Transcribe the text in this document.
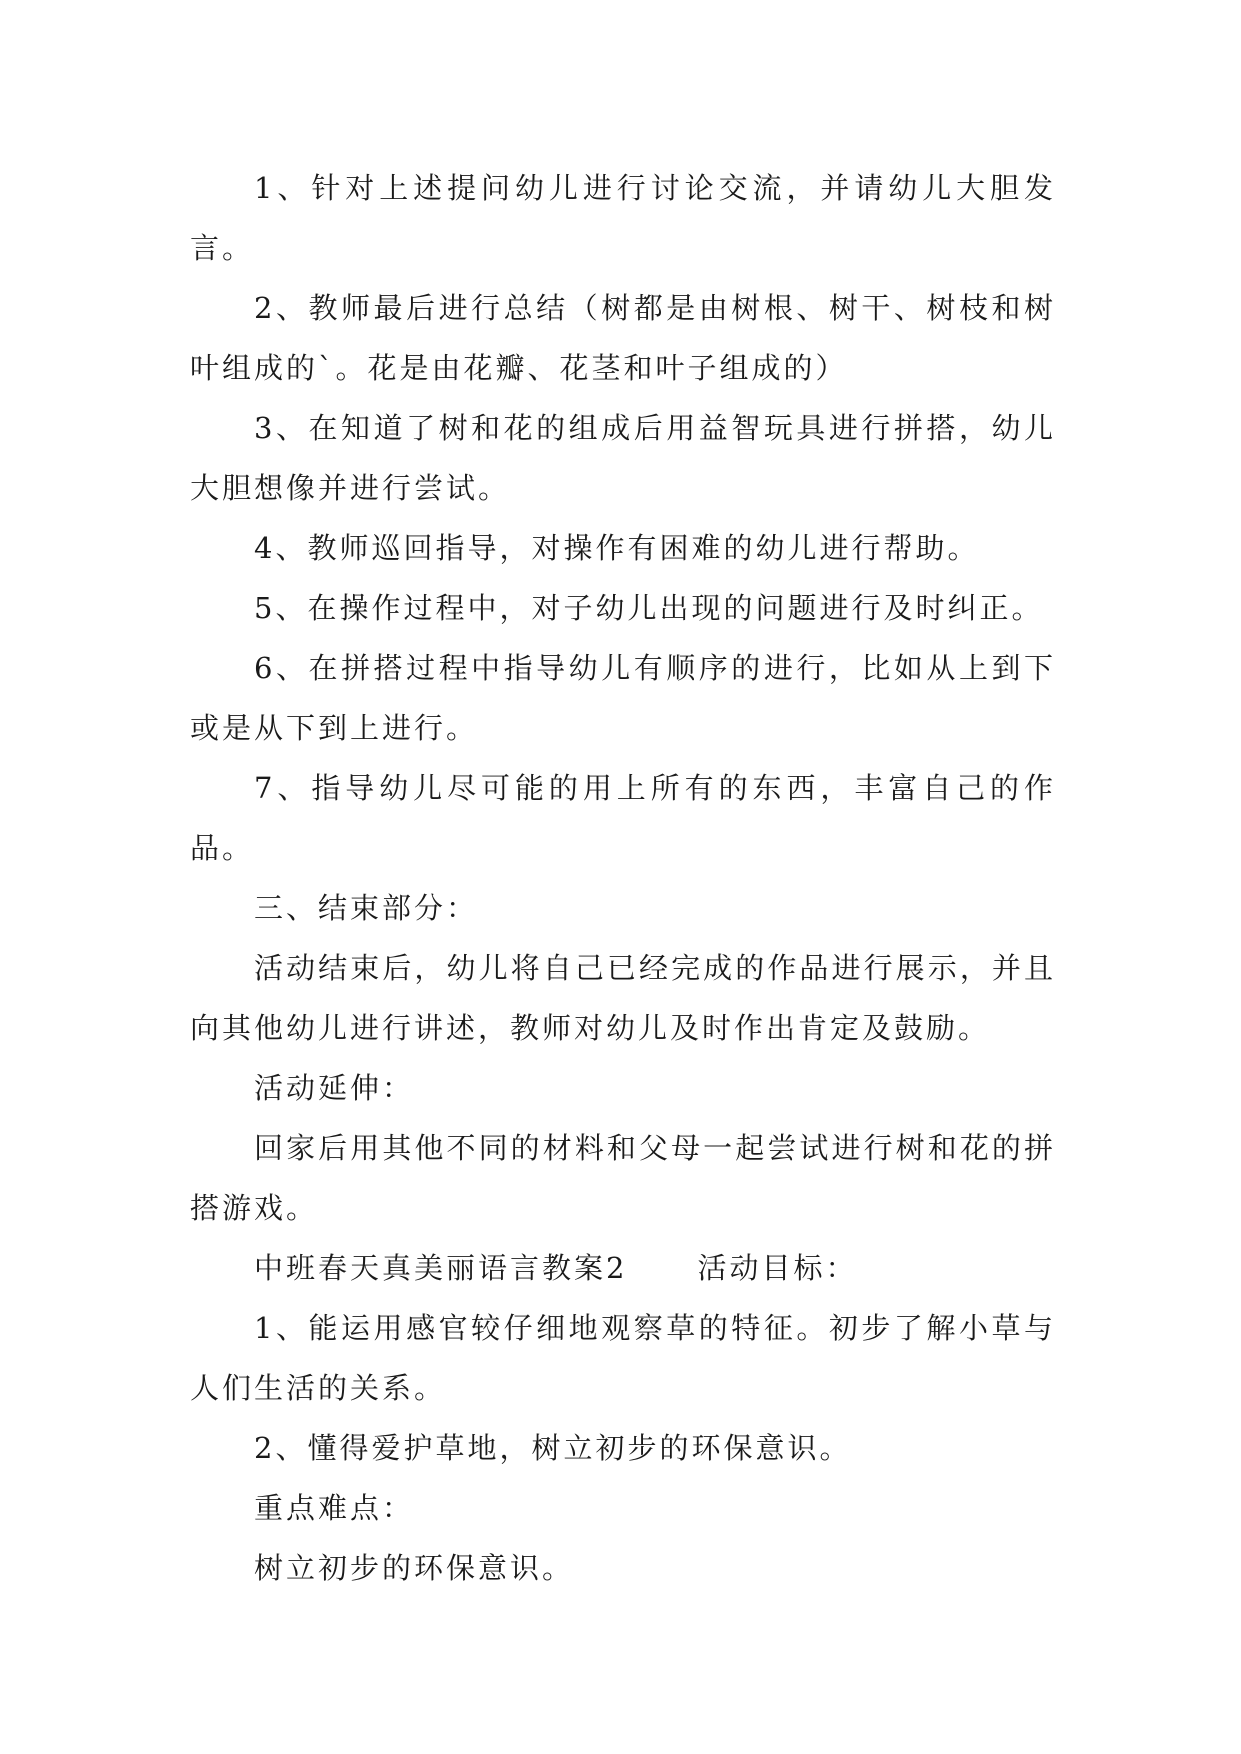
1、针对上述提问幼儿进行讨论交流，并请幼儿大胆发言。

2、教师最后进行总结（树都是由树根、树干、树枝和树叶组成的`。花是由花瓣、花茎和叶子组成的）

3、在知道了树和花的组成后用益智玩具进行拼搭，幼儿大胆想像并进行尝试。

4、教师巡回指导，对操作有困难的幼儿进行帮助。

5、在操作过程中，对子幼儿出现的问题进行及时纠正。

6、在拼搭过程中指导幼儿有顺序的进行，比如从上到下或是从下到上进行。

7、指导幼儿尽可能的用上所有的东西，丰富自己的作品。

三、结束部分：

活动结束后，幼儿将自己已经完成的作品进行展示，并且向其他幼儿进行讲述，教师对幼儿及时作出肯定及鼓励。

活动延伸：

回家后用其他不同的材料和父母一起尝试进行树和花的拼搭游戏。

中班春天真美丽语言教案2 活动目标：

1、能运用感官较仔细地观察草的特征。初步了解小草与人们生活的关系。

2、懂得爱护草地，树立初步的环保意识。

重点难点：

树立初步的环保意识。
